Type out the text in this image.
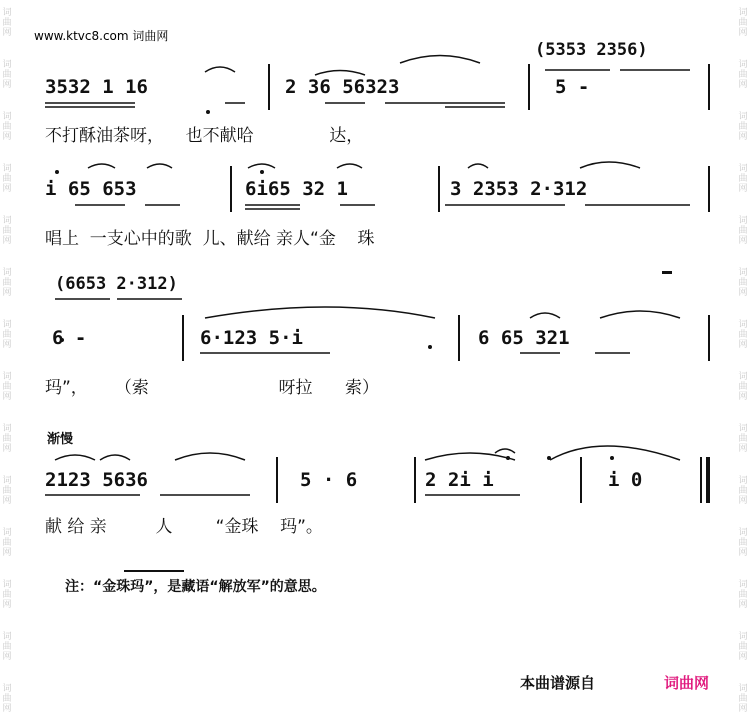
词
曲
网
词
曲
网
词
曲
网
词
曲
网
词
曲
网
词
曲
网
词
曲
网
词
曲
网
词
曲
网
词
曲
网
词
曲
网
词
曲
网
词
曲
网
词
曲
网
词
曲
网
词
曲
网
词
曲
网
词
曲
网
词
曲
网
词
曲
网
词
曲
网
词
曲
网
词
曲
网
词
曲
网
词
曲
网
词
曲
网
词
曲
网
词
曲
网
www.ktvc8.com 词曲网
3532 1 16	2 36 56323	5 -
(5353 2356)
不打酥油茶呀，    也不献哈              达，
i 65 653	6i65 32 1	3 2353 2·312
唱上  一支心中的歌  儿、献给 亲人“金    珠
(6653 2·312)
6 -	6·123 5·i	6 65 321
玛”，     （索                        呀拉      索）
渐慢
2123 5636	5 · 6	2 2i i	i 0
献 给 亲         人        “金珠    玛”。
注：“金珠玛”，是藏语“解放军”的意思。
本曲谱源自	词曲网
